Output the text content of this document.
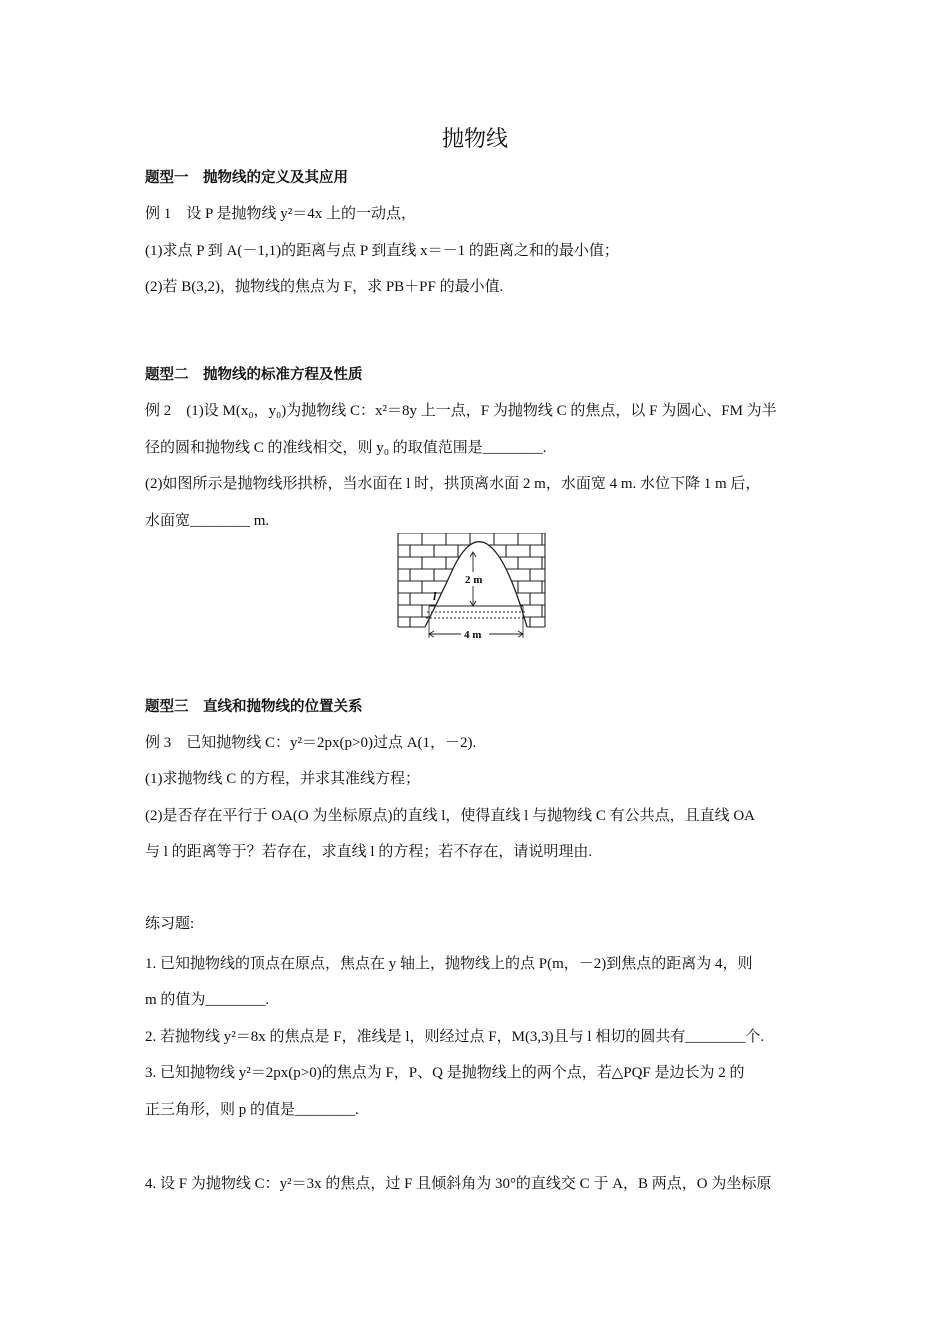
抛物线
题型一　抛物线的定义及其应用
例 1　设 P 是抛物线 y²＝4x 上的一动点，
(1)求点 P 到 A(－1,1)的距离与点 P 到直线 x＝－1 的距离之和的最小值；
(2)若 B(3,2)，抛物线的焦点为 F，求 PB＋PF 的最小值.
题型二　抛物线的标准方程及性质
例 2　(1)设 M(x₀，y₀)为抛物线 C：x²＝8y 上一点，F 为抛物线 C 的焦点，以 F 为圆心、FM 为半
径的圆和抛物线 C 的准线相交，则 y₀ 的取值范围是________.
(2)如图所示是抛物线形拱桥，当水面在 l 时，拱顶离水面 2 m，水面宽 4 m. 水位下降 1 m 后，
水面宽________ m.
2 m
4 m
l
题型三　直线和抛物线的位置关系
例 3　已知抛物线 C：y²＝2px(p>0)过点 A(1，－2).
(1)求抛物线 C 的方程，并求其准线方程；
(2)是否存在平行于 OA(O 为坐标原点)的直线 l，使得直线 l 与抛物线 C 有公共点，且直线 OA
与 l 的距离等于？若存在，求直线 l 的方程；若不存在，请说明理由.
练习题:
1. 已知抛物线的顶点在原点，焦点在 y 轴上，抛物线上的点 P(m，－2)到焦点的距离为 4，则
m 的值为________.
2. 若抛物线 y²＝8x 的焦点是 F，准线是 l，则经过点 F，M(3,3)且与 l 相切的圆共有________个.
3. 已知抛物线 y²＝2px(p>0)的焦点为 F，P、Q 是抛物线上的两个点，若△PQF 是边长为 2 的
正三角形，则 p 的值是________.
4. 设 F 为抛物线 C：y²＝3x 的焦点，过 F 且倾斜角为 30°的直线交 C 于 A，B 两点，O 为坐标原
